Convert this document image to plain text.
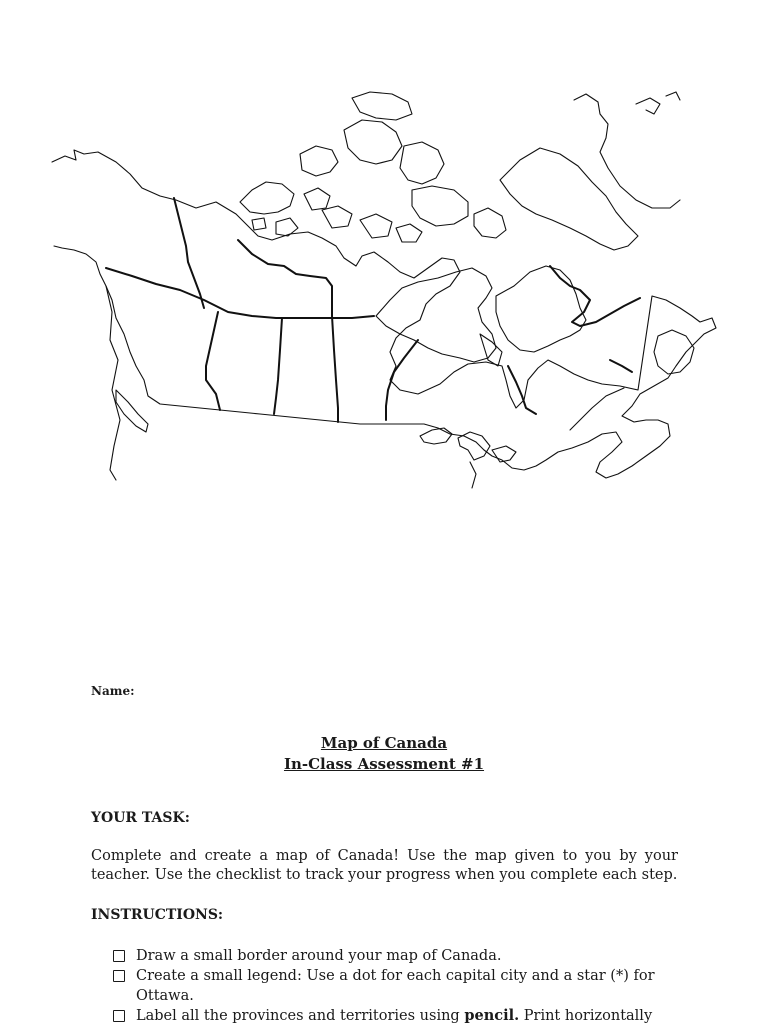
Name:
Map of Canada
In-Class Assessment #1
YOUR TASK:
Complete and create a map of Canada! Use the map given to you by your teacher. Use the checklist to track your progress when you complete each step.
INSTRUCTIONS:
Draw a small border around your map of Canada.
Create a small legend: Use a dot for each capital city and a star (*) for Ottawa.
Label all the provinces and territories using pencil. Print horizontally
